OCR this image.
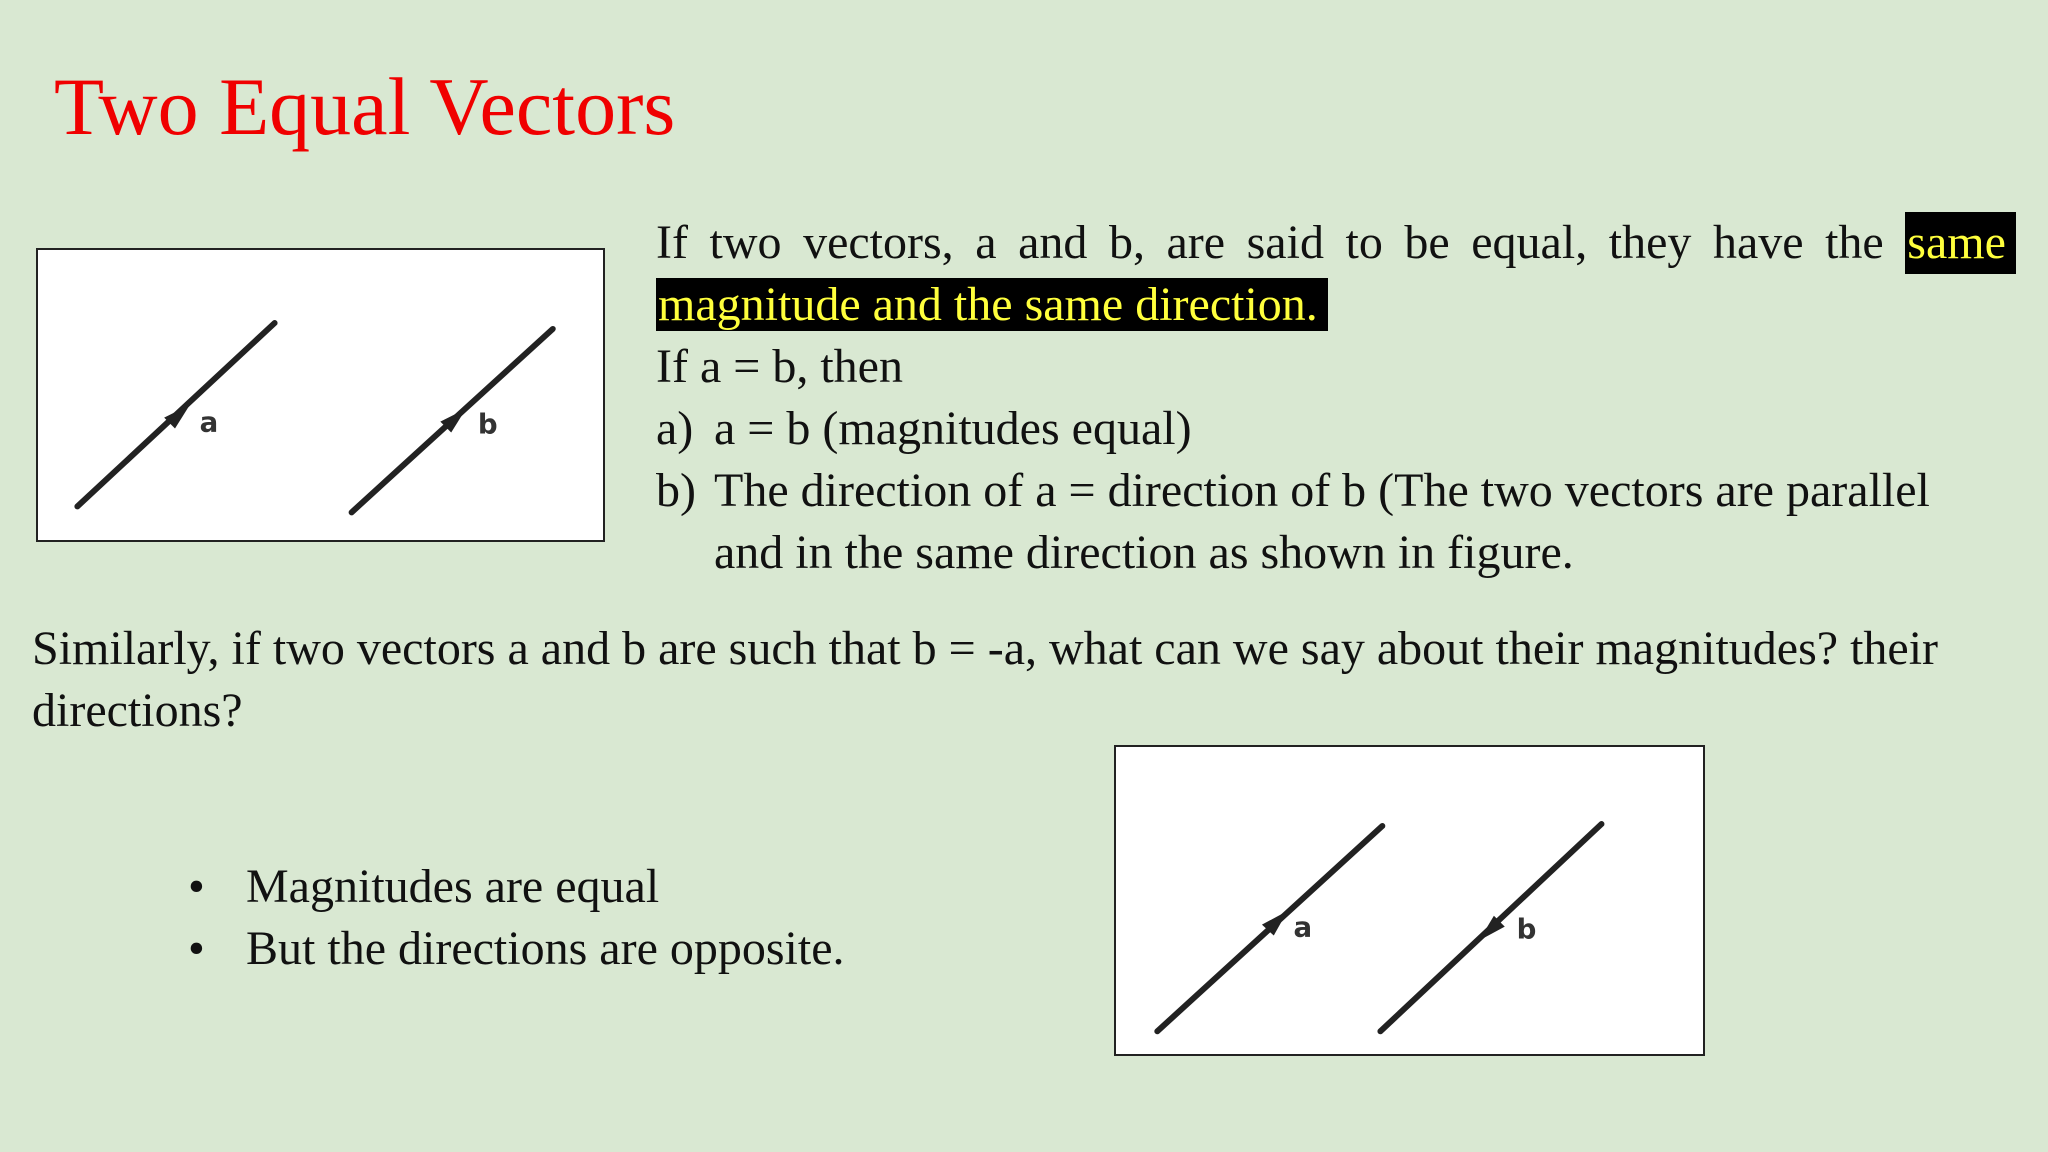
Two Equal Vectors
a	b
If two vectors, a and b, are said to be equal, they have the same
magnitude and the same direction.
If a = b, then
a) a = b (magnitudes equal)
b) The direction of a = direction of b (The two vectors are parallel
and in the same direction as shown in figure.
Similarly, if two vectors a and b are such that b = -a, what can we say about their magnitudes? their directions?
• Magnitudes are equal
• But the directions are opposite.	a	b
